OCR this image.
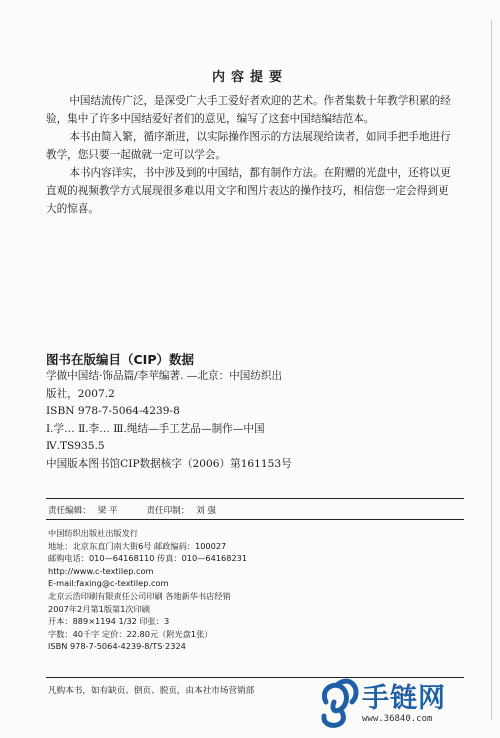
内容提要

中国结流传广泛，是深受广大手工爱好者欢迎的艺术。作者集数十年教学积累的经验，集中了许多中国结爱好者们的意见，编写了这套中国结编结范本。

本书由简入繁，循序渐进，以实际操作图示的方法展现给读者，如同手把手地进行教学，您只要一起做就一定可以学会。

本书内容详实，书中涉及到的中国结，都有制作方法。在附赠的光盘中，还将以更直观的视频教学方式展现很多难以用文字和图片表达的操作技巧，相信您一定会得到更大的惊喜。

图书在版编目（CIP）数据
学做中国结·饰品篇/李苹编著. —北京：中国纺织出
版社，2007.2
ISBN 978-7-5064-4239-8
Ⅰ.学… Ⅱ.李… Ⅲ.绳结—手工艺品—制作—中国
Ⅳ.TS935.5
中国版本图书馆CIP数据核字（2006）第161153号
责任编辑： 梁 平	责任印制： 刘 强
中国纺织出版社出版发行
地址：北京东直门南大街6号 邮政编码：100027
邮购电话：010—64168110 传真：010—64168231
http://www.c-textilep.com
E-mail:faxing@c-textilep.com
北京云浩印刷有限责任公司印刷 各地新华书店经销
2007年2月第1版第1次印刷
开本：889×1194 1/32 印张：3
字数：40千字 定价：22.80元（附光盘1张）
ISBN 978-7-5064-4239-8/TS·2324
凡购本书，如有缺页、倒页、脱页，由本社市场营销部	手链网
www.36840.com
